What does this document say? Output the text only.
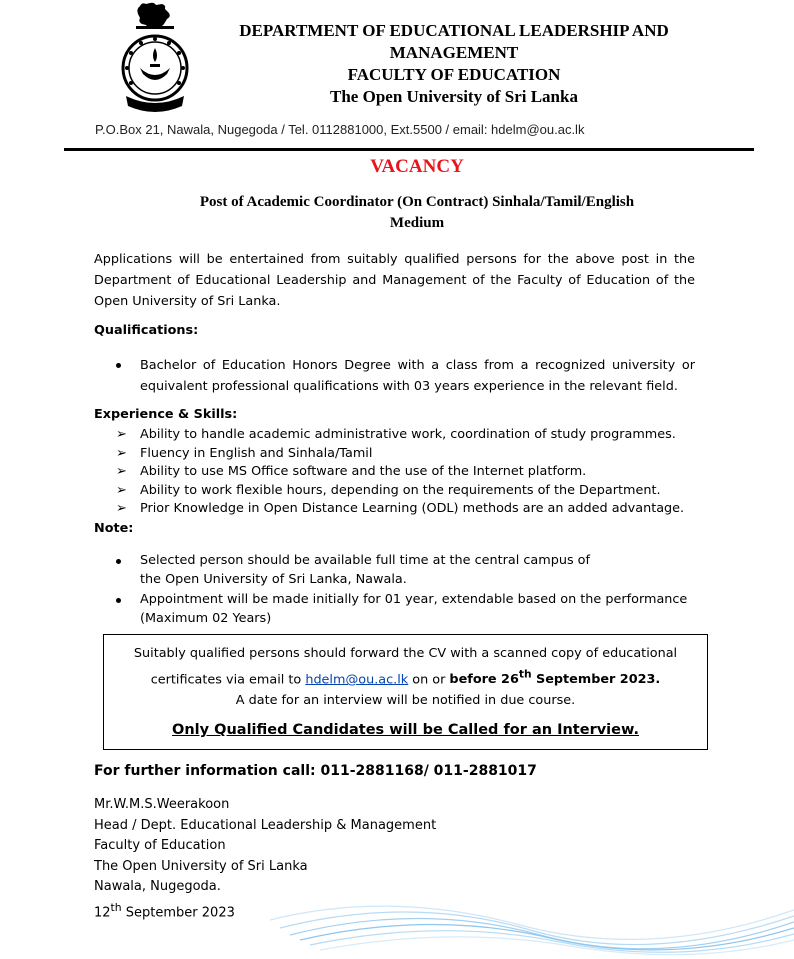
DEPARTMENT OF EDUCATIONAL LEADERSHIP AND
MANAGEMENT
FACULTY OF EDUCATION
The Open University of Sri Lanka
P.O.Box 21, Nawala, Nugegoda / Tel. 0112881000, Ext.5500 / email: hdelm@ou.ac.lk
VACANCY
Post of Academic Coordinator (On Contract) Sinhala/Tamil/English
Medium

Applications will be entertained from suitably qualified persons for the above post in the Department of Educational Leadership and Management of the Faculty of Education of the Open University of Sri Lanka.

Qualifications:
Bachelor of Education Honors Degree with a class from a recognized university or equivalent professional qualifications with 03 years experience in the relevant field.
Experience & Skills:
➢ Ability to handle academic administrative work, coordination of study programmes.
➢ Fluency in English and Sinhala/Tamil
➢ Ability to use MS Office software and the use of the Internet platform.
➢ Ability to work flexible hours, depending on the requirements of the Department.
➢ Prior Knowledge in Open Distance Learning (ODL) methods are an added advantage.
Note:
Selected person should be available full time at the central campus of
the Open University of Sri Lanka, Nawala.
Appointment will be made initially for 01 year, extendable based on the performance
(Maximum 02 Years)

Suitably qualified persons should forward the CV with a scanned copy of educational

certificates via email to hdelm@ou.ac.lk on or before 26th September 2023.

A date for an interview will be notified in due course.

Only Qualified Candidates will be Called for an Interview.

For further information call: 011-2881168/ 011-2881017
Mr.W.M.S.Weerakoon
Head / Dept. Educational Leadership & Management
Faculty of Education
The Open University of Sri Lanka
Nawala, Nugegoda.
12th September 2023
